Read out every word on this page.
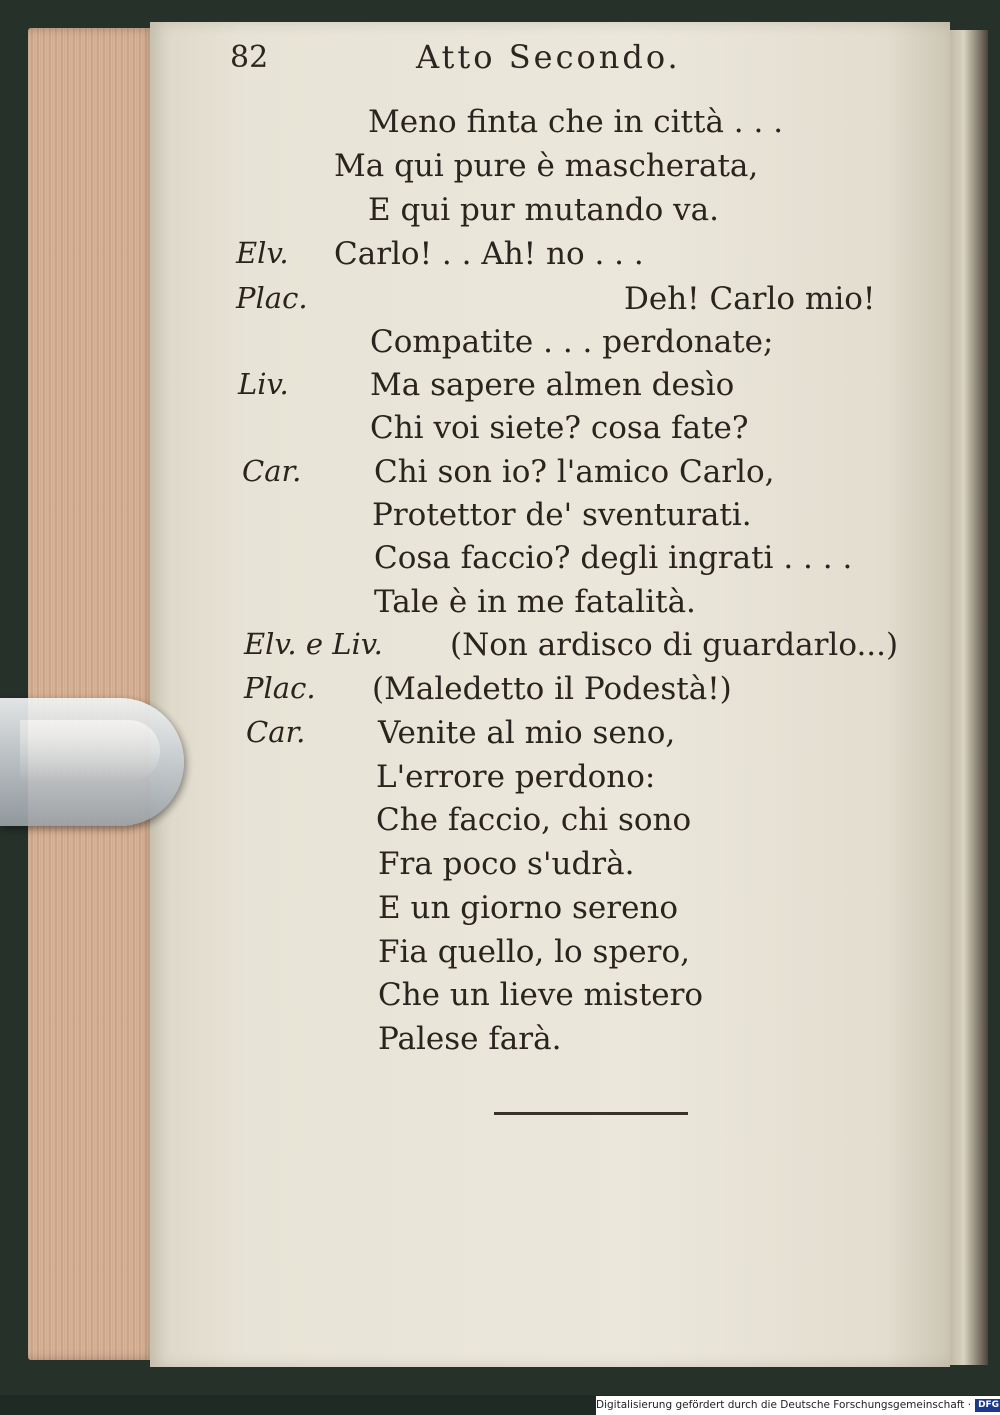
82	Atto Secondo.
Elv.
Plac.
Liv.
Car.
Elv. e Liv.
Plac.
Car.
Meno finta che in città . . .
Ma qui pure è mascherata,
E qui pur mutando va.
Carlo! . . Ah! no . . .
Deh! Carlo mio!
Compatite . . . perdonate;
Ma sapere almen desìo
Chi voi siete? cosa fate?
Chi son io? l'amico Carlo,
Protettor de' sventurati.
Cosa faccio? degli ingrati . . . .
Tale è in me fatalità.
(Non ardisco di guardarlo...)
(Maledetto il Podestà!)
Venite al mio seno,
L'errore perdono:
Che faccio, chi sono
Fra poco s'udrà.
E un giorno sereno
Fia quello, lo spero,
Che un lieve mistero
Palese farà.
Digitalisierung gefördert durch die Deutsche Forschungsgemeinschaft · DFG
